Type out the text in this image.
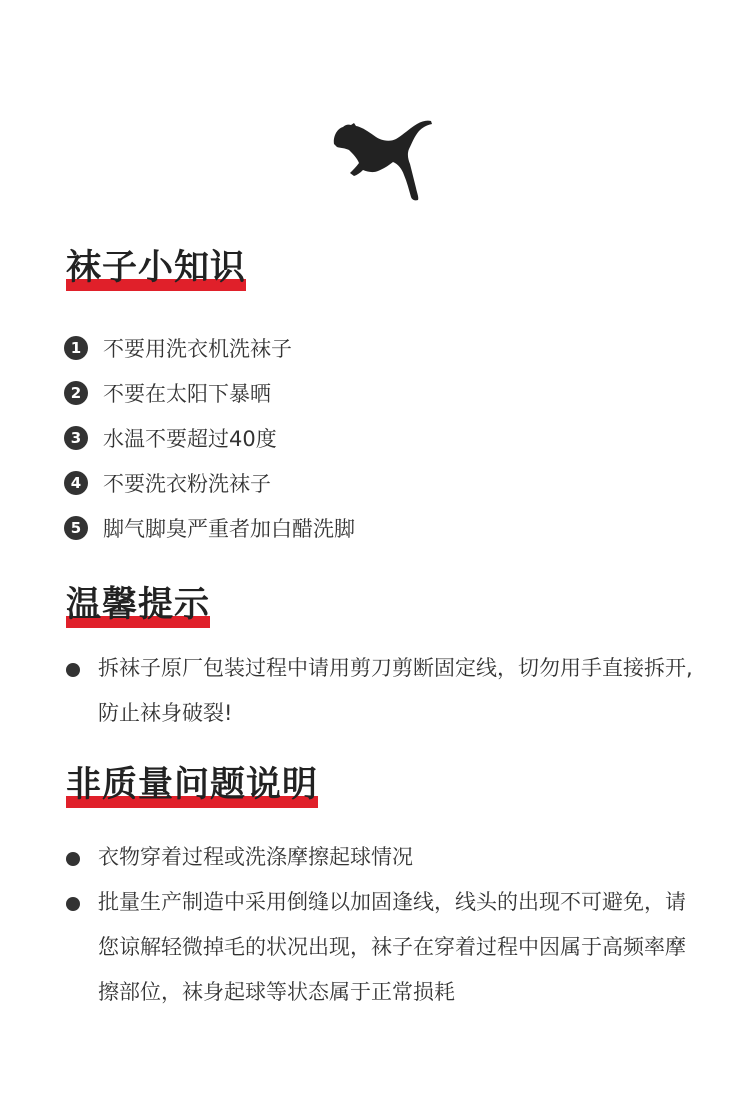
袜子小知识
1	不要用洗衣机洗袜子
2	不要在太阳下暴晒
3	水温不要超过40度
4	不要洗衣粉洗袜子
5	脚气脚臭严重者加白醋洗脚
温馨提示
拆袜子原厂包装过程中请用剪刀剪断固定线，切勿用手直接拆开,防止袜身破裂!
非质量问题说明
衣物穿着过程或洗涤摩擦起球情况
批量生产制造中采用倒缝以加固逢线，线头的出现不可避免，请您谅解轻微掉毛的状况出现，袜子在穿着过程中因属于高频率摩擦部位，袜身起球等状态属于正常损耗
